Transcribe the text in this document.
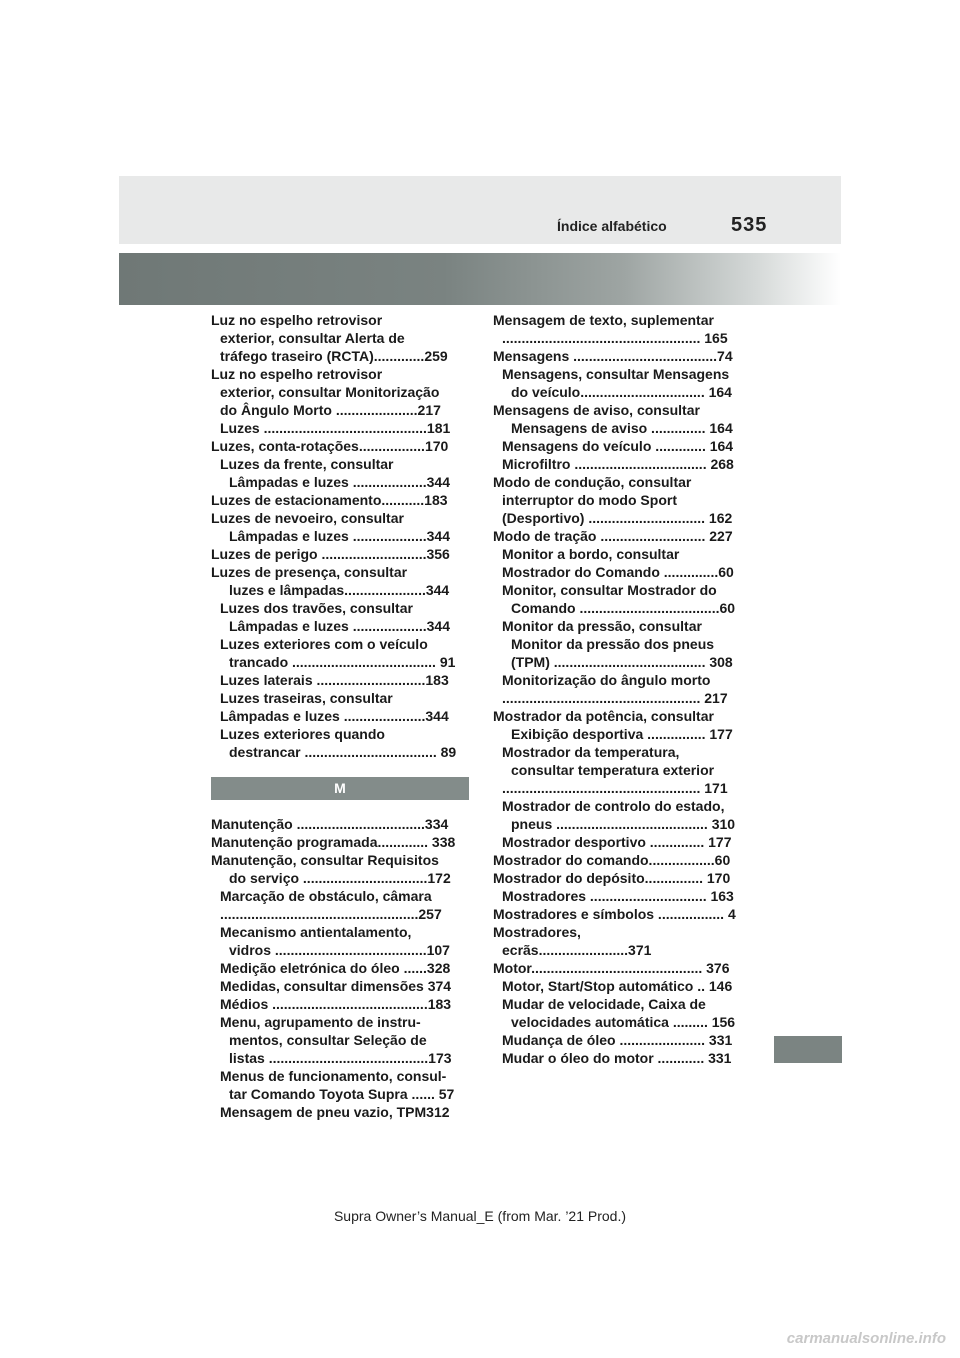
Índice alfabético	535
Luz no espelho retrovisor
exterior, consultar Alerta de
tráfego traseiro (RCTA).............259
Luz no espelho retrovisor
exterior, consultar Monitorização
do Ângulo Morto .....................217
Luzes ..........................................181
Luzes, conta-rotações.................170
Luzes da frente, consultar
Lâmpadas e luzes ...................344
Luzes de estacionamento...........183
Luzes de nevoeiro, consultar
Lâmpadas e luzes ...................344
Luzes de perigo ...........................356
Luzes de presença, consultar
luzes e lâmpadas.....................344
Luzes dos travões, consultar
Lâmpadas e luzes ...................344
Luzes exteriores com o veículo
trancado ..................................... 91
Luzes laterais ............................183
Luzes traseiras, consultar
Lâmpadas e luzes .....................344
Luzes exteriores quando
destrancar .................................. 89
M
Manutenção .................................334
Manutenção programada............. 338
Manutenção, consultar Requisitos
do serviço ................................172
Marcação de obstáculo, câmara
...................................................257
Mecanismo antientalamento,
vidros .......................................107
Medição eletrónica do óleo ......328
Medidas, consultar dimensões 374
Médios ........................................183
Menu, agrupamento de instru-
mentos, consultar Seleção de
listas .........................................173
Menus de funcionamento, consul-
tar Comando Toyota Supra ...... 57
Mensagem de pneu vazio, TPM312
Mensagem de texto, suplementar
................................................... 165
Mensagens .....................................74
Mensagens, consultar Mensagens
do veículo................................ 164
Mensagens de aviso, consultar
Mensagens de aviso .............. 164
Mensagens do veículo ............. 164
Microfiltro .................................. 268
Modo de condução, consultar
interruptor do modo Sport
(Desportivo) .............................. 162
Modo de tração ........................... 227
Monitor a bordo, consultar
Mostrador do Comando ..............60
Monitor, consultar Mostrador do
Comando ....................................60
Monitor da pressão, consultar
Monitor da pressão dos pneus
(TPM) ....................................... 308
Monitorização do ângulo morto
................................................... 217
Mostrador da potência, consultar
Exibição desportiva ............... 177
Mostrador da temperatura,
consultar temperatura exterior
................................................... 171
Mostrador de controlo do estado,
pneus ....................................... 310
Mostrador desportivo .............. 177
Mostrador do comando.................60
Mostrador do depósito............... 170
Mostradores .............................. 163
Mostradores e símbolos ................. 4
Mostradores,
ecrãs.......................371
Motor............................................ 376
Motor, Start/Stop automático .. 146
Mudar de velocidade, Caixa de
velocidades automática ......... 156
Mudança de óleo ...................... 331
Mudar o óleo do motor ............ 331
Supra Owner’s Manual_E (from Mar. ’21 Prod.)
carmanualsonline.info
